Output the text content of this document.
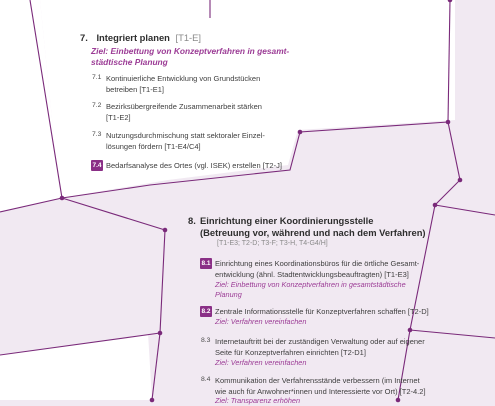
7. Integriert planen [T1-E]
Ziel: Einbettung von Konzeptverfahren in gesamt-
städtische Planung
7.1 Kontinuierliche Entwicklung von Grundstücken
betreiben [T1-E1]
7.2 Bezirksübergreifende Zusammenarbeit stärken
[T1-E2]
7.3 Nutzungsdurchmischung statt sektoraler Einzel-
lösungen fördern [T1-E4/C4]
7.4 Bedarfsanalyse des Ortes (vgl. ISEK) erstellen [T2-J]
8. Einrichtung einer Koordinierungsstelle
(Betreuung vor, während und nach dem Verfahren)
[T1-E3; T2-D; T3-F; T3-H, T4-G4/H]
8.1 Einrichtung eines Koordinationsbüros für die örtliche Gesamt-
entwicklung (ähnl. Stadtentwicklungsbeauftragten) [T1-E3]
Ziel: Einbettung von Konzeptverfahren in gesamtstädtische
Planung
8.2 Zentrale Informationsstelle für Konzeptverfahren schaffen [T2-D]
Ziel: Verfahren vereinfachen
8.3 Internetauftritt bei der zuständigen Verwaltung oder auf eigener
Seite für Konzeptverfahren einrichten [T2-D1]
Ziel: Verfahren vereinfachen
8.4 Kommunikation der Verfahrensstände verbessern (im Internet
wie auch für Anwohner*innen und Interessierte vor Ort) [T2-4.2]
Ziel: Transparenz erhöhen
